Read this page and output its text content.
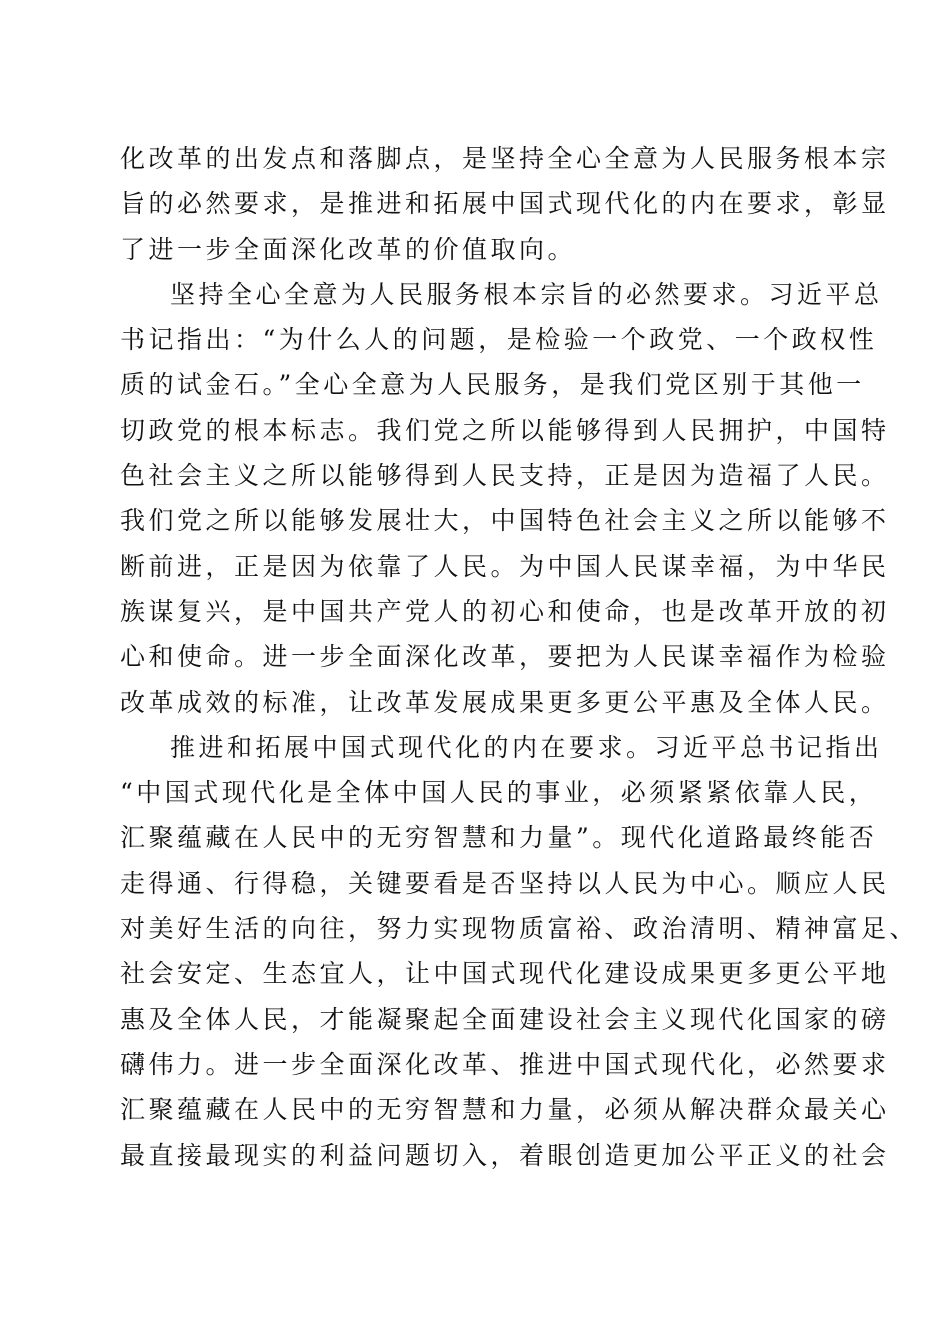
化改革的出发点和落脚点，是坚持全心全意为人民服务根本宗
旨的必然要求，是推进和拓展中国式现代化的内在要求，彰显
了进一步全面深化改革的价值取向。
坚持全心全意为人民服务根本宗旨的必然要求。习近平总
书记指出：“为什么人的问题，是检验一个政党、一个政权性
质的试金石。”全心全意为人民服务，是我们党区别于其他一
切政党的根本标志。我们党之所以能够得到人民拥护，中国特
色社会主义之所以能够得到人民支持，正是因为造福了人民。
我们党之所以能够发展壮大，中国特色社会主义之所以能够不
断前进，正是因为依靠了人民。为中国人民谋幸福，为中华民
族谋复兴，是中国共产党人的初心和使命，也是改革开放的初
心和使命。进一步全面深化改革，要把为人民谋幸福作为检验
改革成效的标准，让改革发展成果更多更公平惠及全体人民。
推进和拓展中国式现代化的内在要求。习近平总书记指出
“中国式现代化是全体中国人民的事业，必须紧紧依靠人民，
汇聚蕴藏在人民中的无穷智慧和力量”。现代化道路最终能否
走得通、行得稳，关键要看是否坚持以人民为中心。顺应人民
对美好生活的向往，努力实现物质富裕、政治清明、精神富足、
社会安定、生态宜人，让中国式现代化建设成果更多更公平地
惠及全体人民，才能凝聚起全面建设社会主义现代化国家的磅
礴伟力。进一步全面深化改革、推进中国式现代化，必然要求
汇聚蕴藏在人民中的无穷智慧和力量，必须从解决群众最关心
最直接最现实的利益问题切入，着眼创造更加公平正义的社会
